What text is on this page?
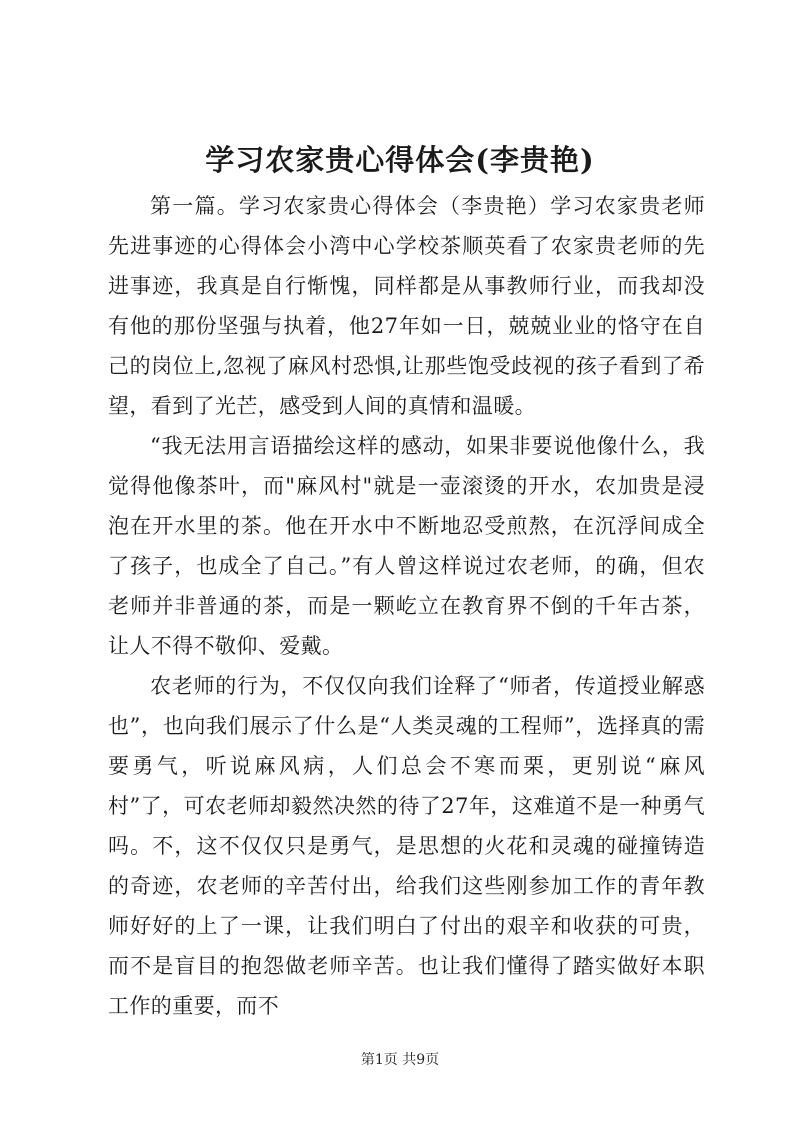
学习农家贵心得体会(李贵艳)

第一篇。学习农家贵心得体会（李贵艳）学习农家贵老师先进事迹的心得体会小湾中心学校茶顺英看了农家贵老师的先进事迹，我真是自行惭愧，同样都是从事教师行业，而我却没有他的那份坚强与执着，他27年如一日，兢兢业业的恪守在自己的岗位上,忽视了麻风村恐惧,让那些饱受歧视的孩子看到了希望，看到了光芒，感受到人间的真情和温暖。

“我无法用言语描绘这样的感动，如果非要说他像什么，我觉得他像茶叶，而"麻风村"就是一壶滚烫的开水，农加贵是浸泡在开水里的茶。他在开水中不断地忍受煎熬，在沉浮间成全了孩子，也成全了自己。”有人曾这样说过农老师，的确，但农老师并非普通的茶，而是一颗屹立在教育界不倒的千年古茶，让人不得不敬仰、爱戴。

农老师的行为，不仅仅向我们诠释了“师者，传道授业解惑也”，也向我们展示了什么是“人类灵魂的工程师”，选择真的需要勇气，听说麻风病，人们总会不寒而栗，更别说“麻风村”了，可农老师却毅然决然的待了27年，这难道不是一种勇气吗。不，这不仅仅只是勇气，是思想的火花和灵魂的碰撞铸造的奇迹，农老师的辛苦付出，给我们这些刚参加工作的青年教师好好的上了一课，让我们明白了付出的艰辛和收获的可贵，而不是盲目的抱怨做老师辛苦。也让我们懂得了踏实做好本职工作的重要，而不

第1页 共9页
